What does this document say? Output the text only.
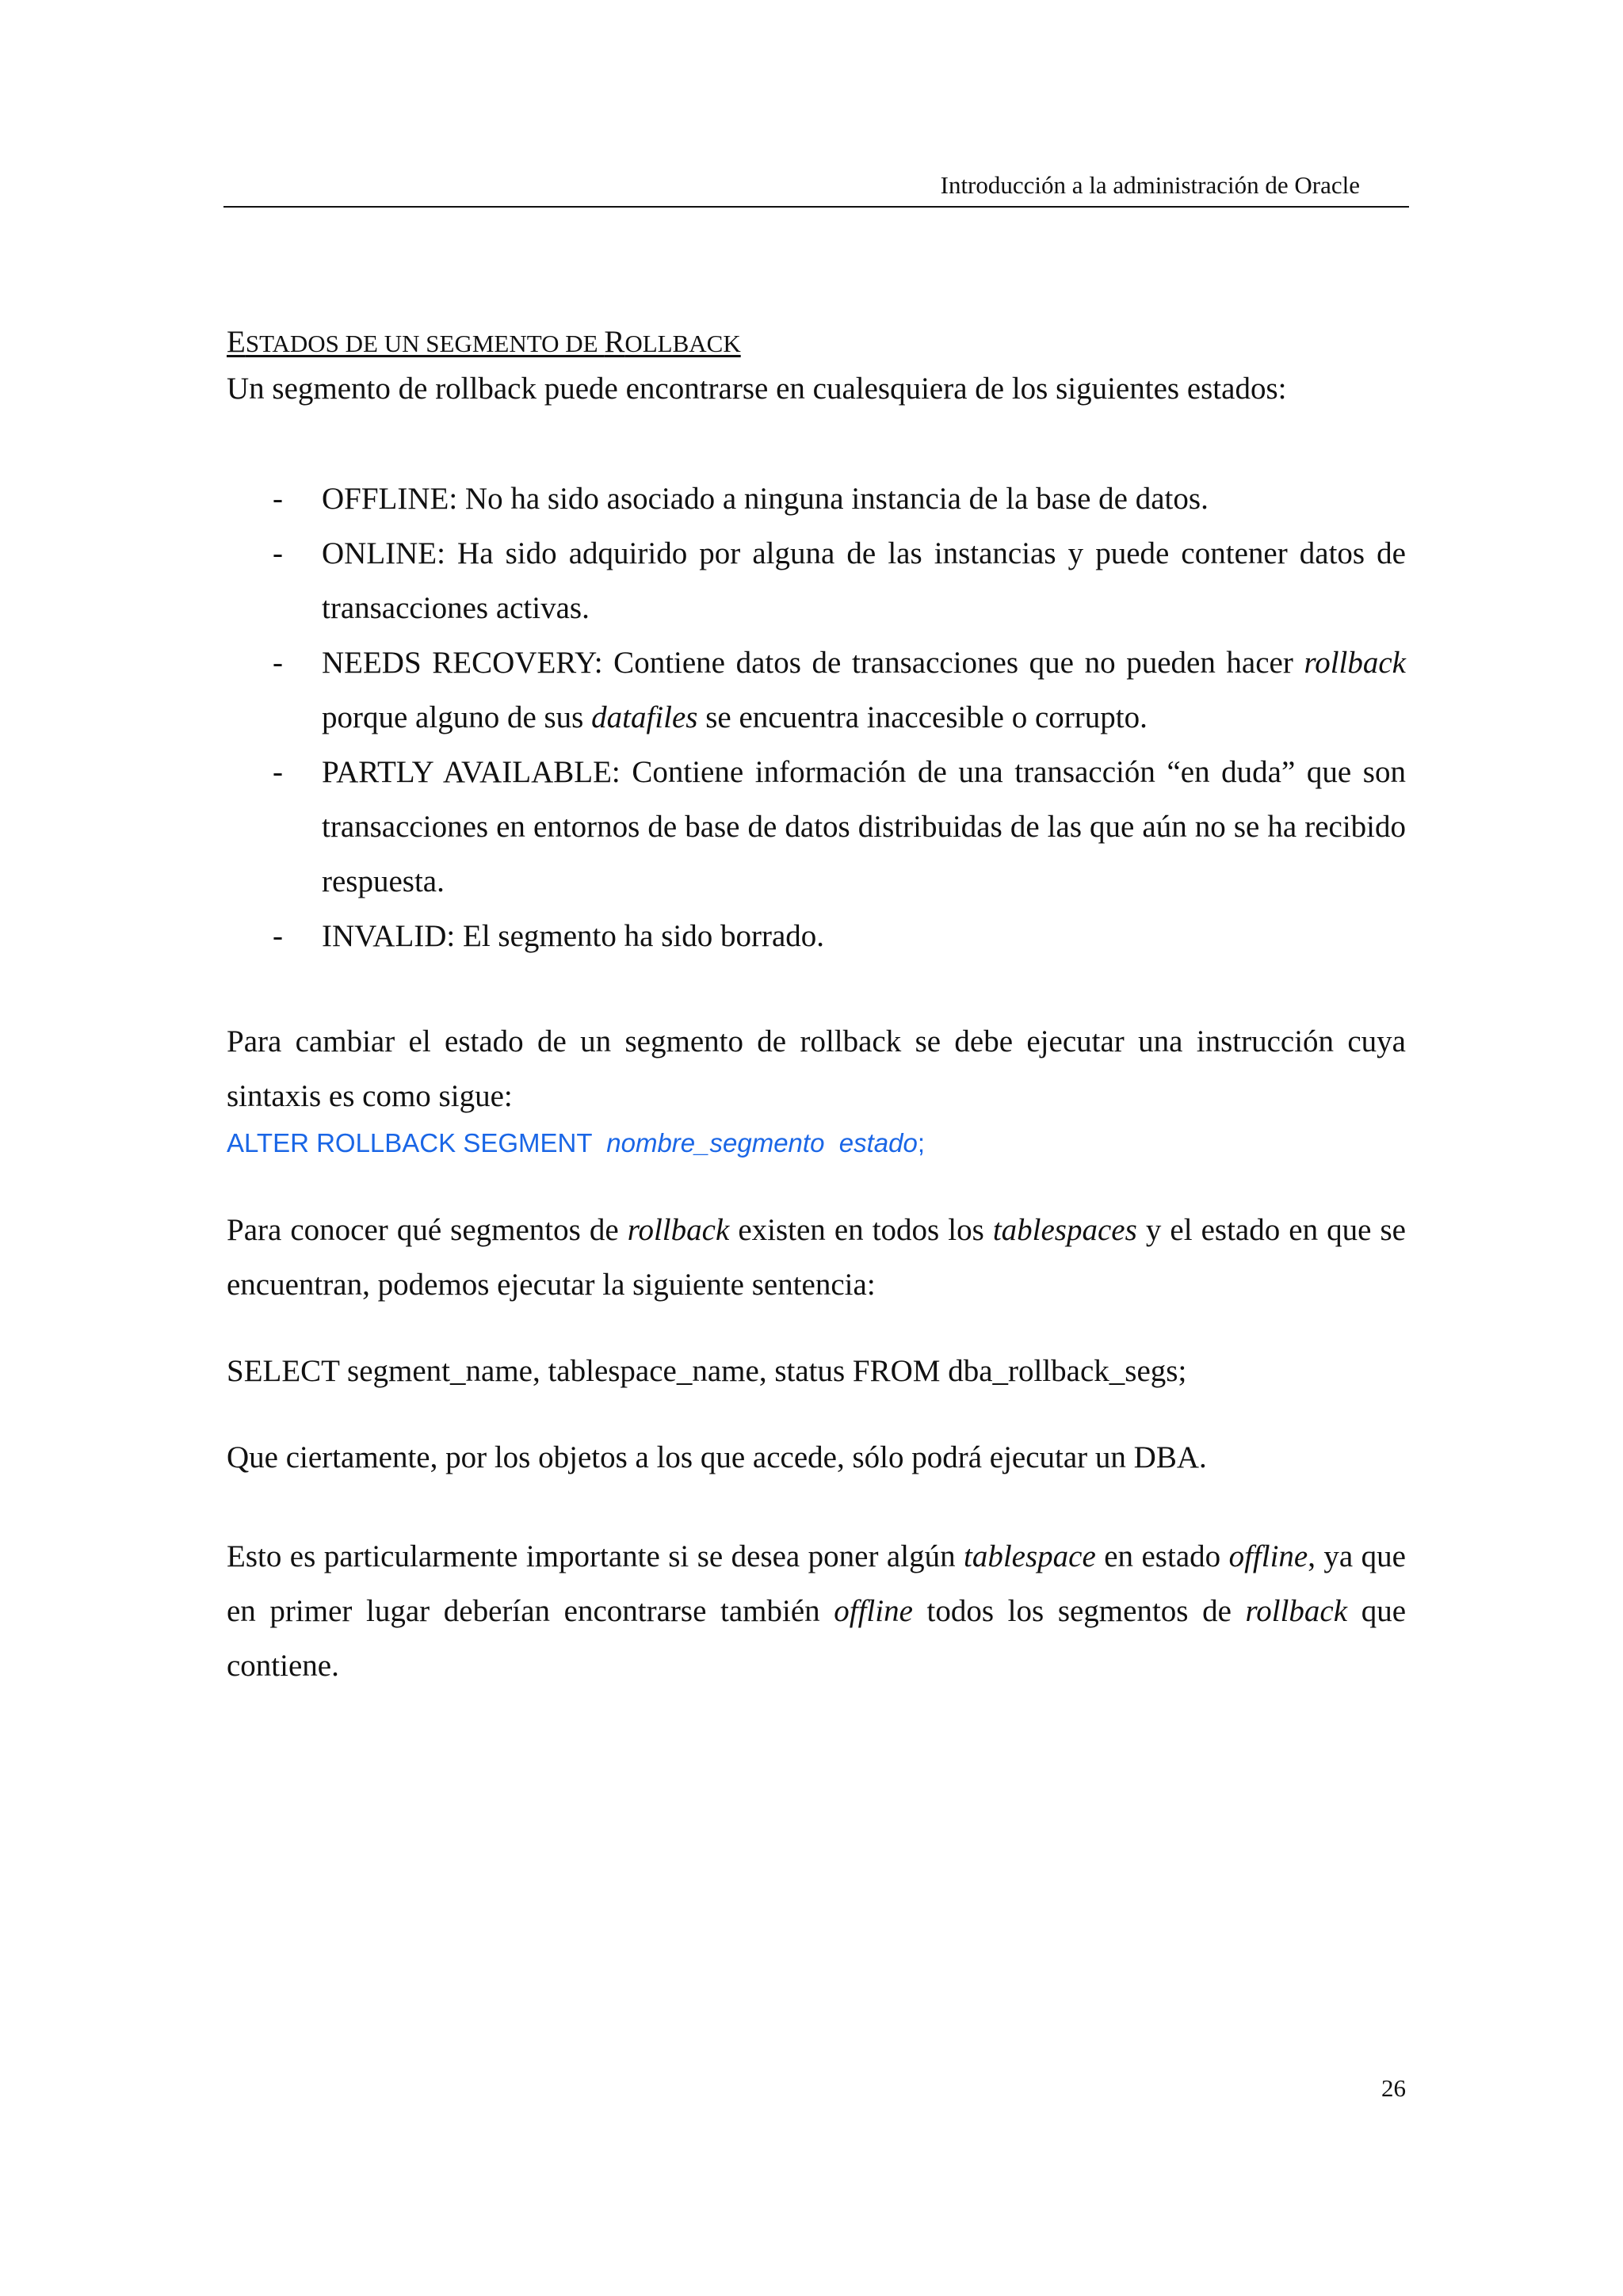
Introducción a la administración de Oracle
ESTADOS DE UN SEGMENTO DE ROLLBACK

Un segmento de rollback puede encontrarse en cualesquiera de los siguientes estados:

- OFFLINE: No ha sido asociado a ninguna instancia de la base de datos.
- ONLINE: Ha sido adquirido por alguna de las instancias y puede contener datos de transacciones activas.
- NEEDS RECOVERY: Contiene datos de transacciones que no pueden hacer rollback porque alguno de sus datafiles se encuentra inaccesible o corrupto.
- PARTLY AVAILABLE: Contiene información de una transacción “en duda” que son transacciones en entornos de base de datos distribuidas de las que aún no se ha recibido respuesta.
- INVALID: El segmento ha sido borrado.

Para cambiar el estado de un segmento de rollback se debe ejecutar una instrucción cuya sintaxis es como sigue:

ALTER ROLLBACK SEGMENT  nombre_segmento estado;

Para conocer qué segmentos de rollback existen en todos los tablespaces y el estado en que se encuentran, podemos ejecutar la siguiente sentencia:

SELECT segment_name, tablespace_name, status FROM dba_rollback_segs;

Que ciertamente, por los objetos a los que accede, sólo podrá ejecutar un DBA.

Esto es particularmente importante si se desea poner algún tablespace en estado offline, ya que en primer lugar deberían encontrarse también offline todos los segmentos de rollback que contiene.

26
